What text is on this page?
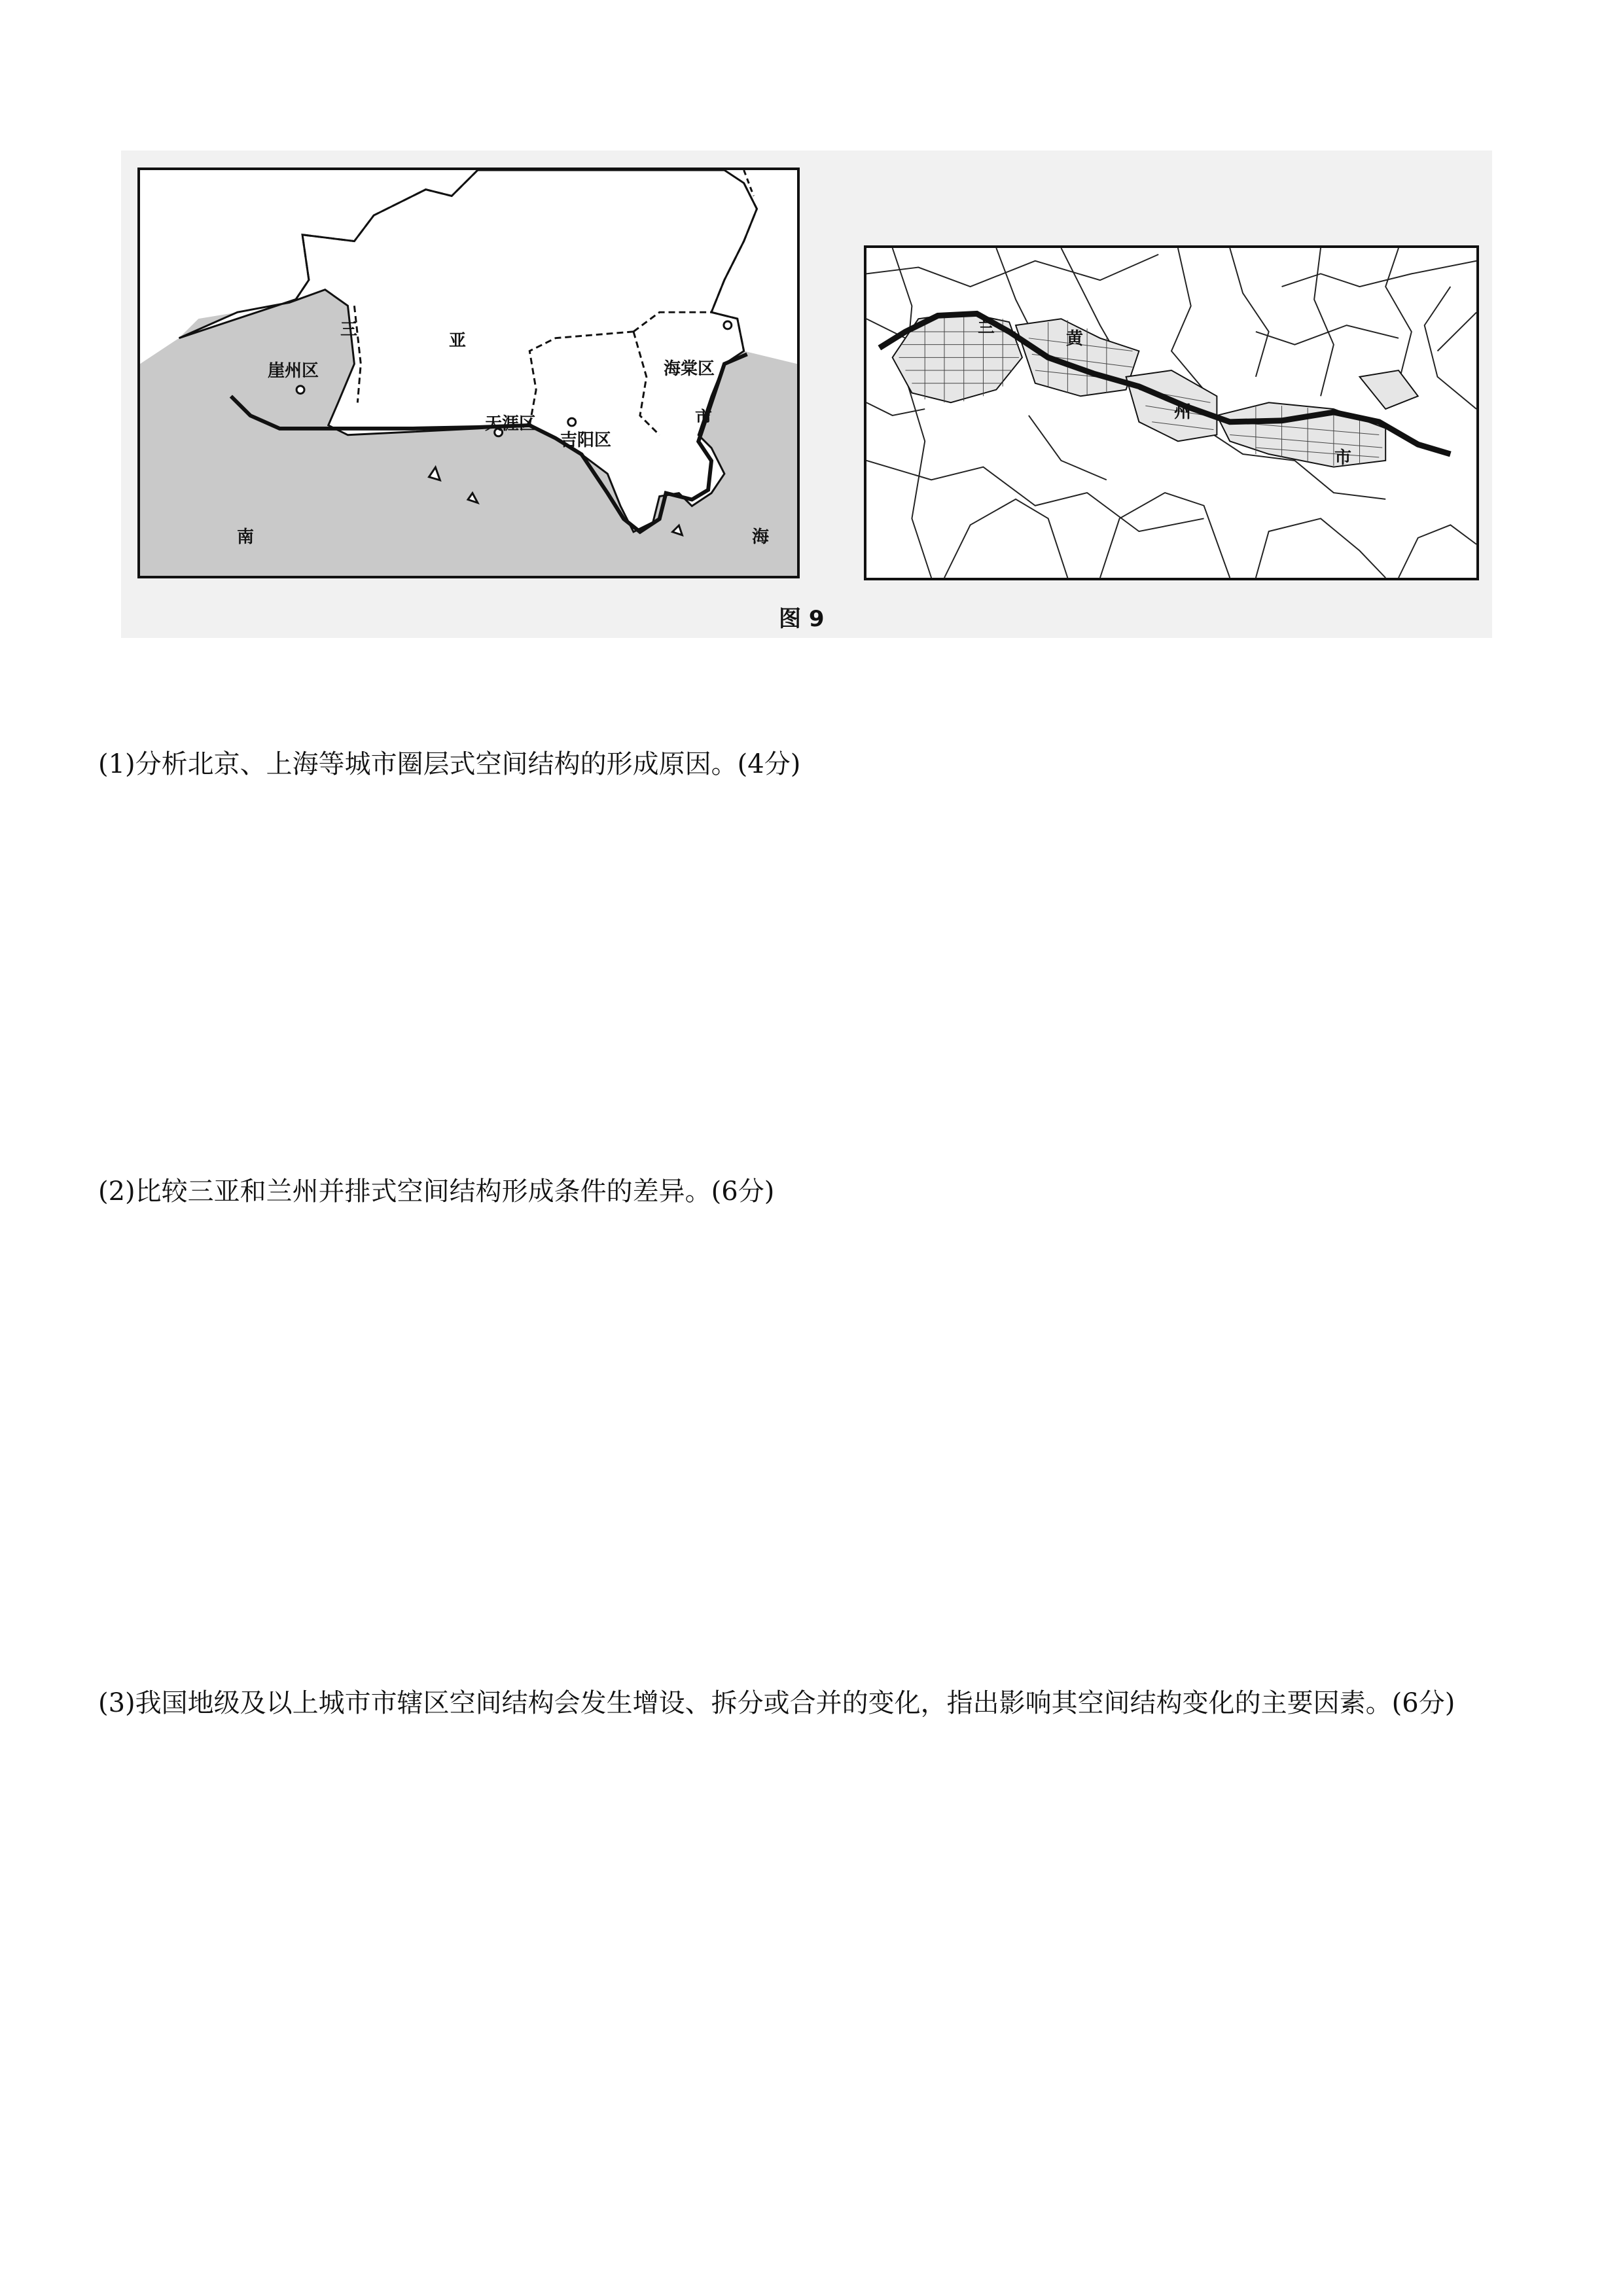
三
亚
崖州区
天涯区
吉阳区
海棠区
市
南	海
兰
黄
州
市
图 9
(1)分析北京、上海等城市圈层式空间结构的形成原因。(4分)
(2)比较三亚和兰州并排式空间结构形成条件的差异。(6分)
(3)我国地级及以上城市市辖区空间结构会发生增设、拆分或合并的变化，指出影响其空间结构变化的主要因素。(6分)
